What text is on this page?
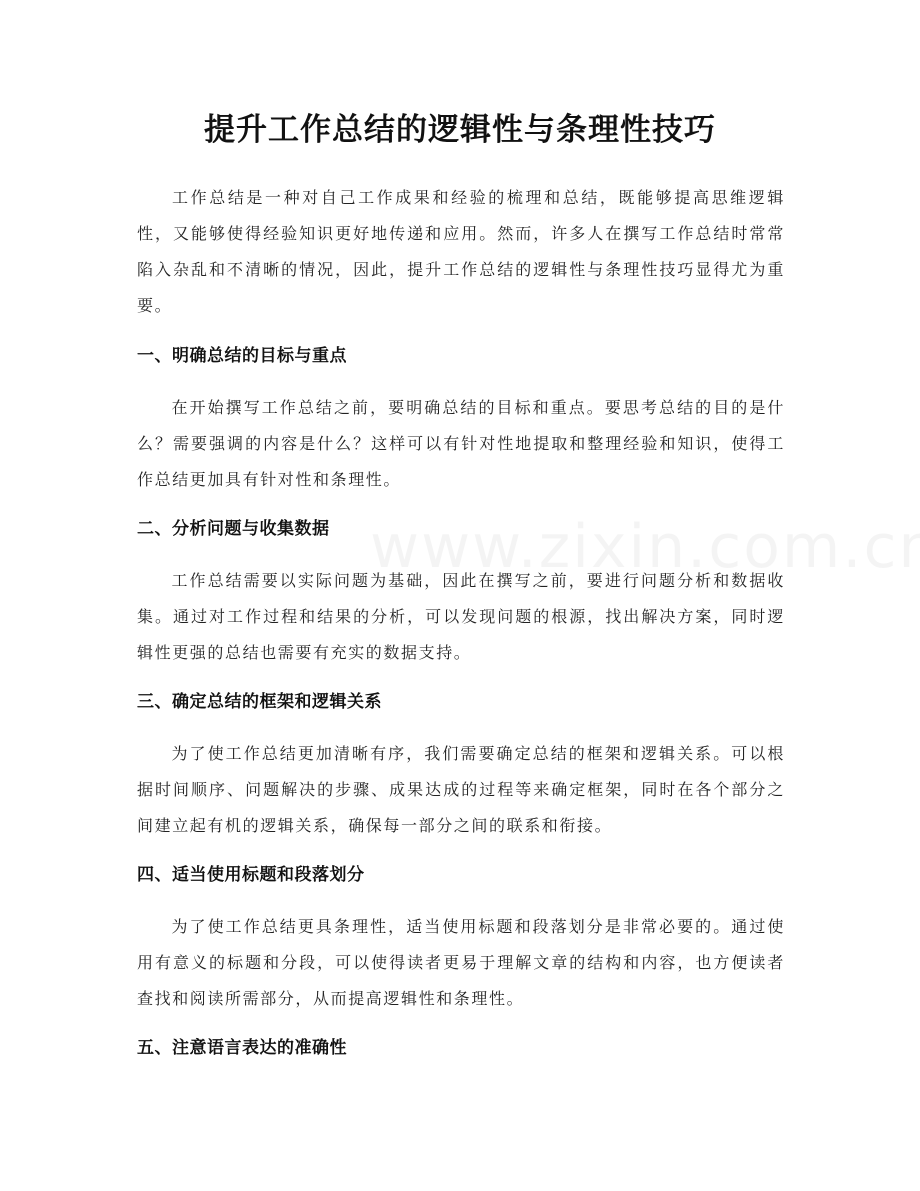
提升工作总结的逻辑性与条理性技巧

工作总结是一种对自己工作成果和经验的梳理和总结，既能够提高思维逻辑性，又能够使得经验知识更好地传递和应用。然而，许多人在撰写工作总结时常常陷入杂乱和不清晰的情况，因此，提升工作总结的逻辑性与条理性技巧显得尤为重要。

一、明确总结的目标与重点

在开始撰写工作总结之前，要明确总结的目标和重点。要思考总结的目的是什么？需要强调的内容是什么？这样可以有针对性地提取和整理经验和知识，使得工作总结更加具有针对性和条理性。

二、分析问题与收集数据

工作总结需要以实际问题为基础，因此在撰写之前，要进行问题分析和数据收集。通过对工作过程和结果的分析，可以发现问题的根源，找出解决方案，同时逻辑性更强的总结也需要有充实的数据支持。

三、确定总结的框架和逻辑关系

为了使工作总结更加清晰有序，我们需要确定总结的框架和逻辑关系。可以根据时间顺序、问题解决的步骤、成果达成的过程等来确定框架，同时在各个部分之间建立起有机的逻辑关系，确保每一部分之间的联系和衔接。

四、适当使用标题和段落划分

为了使工作总结更具条理性，适当使用标题和段落划分是非常必要的。通过使用有意义的标题和分段，可以使得读者更易于理解文章的结构和内容，也方便读者查找和阅读所需部分，从而提高逻辑性和条理性。

五、注意语言表达的准确性
